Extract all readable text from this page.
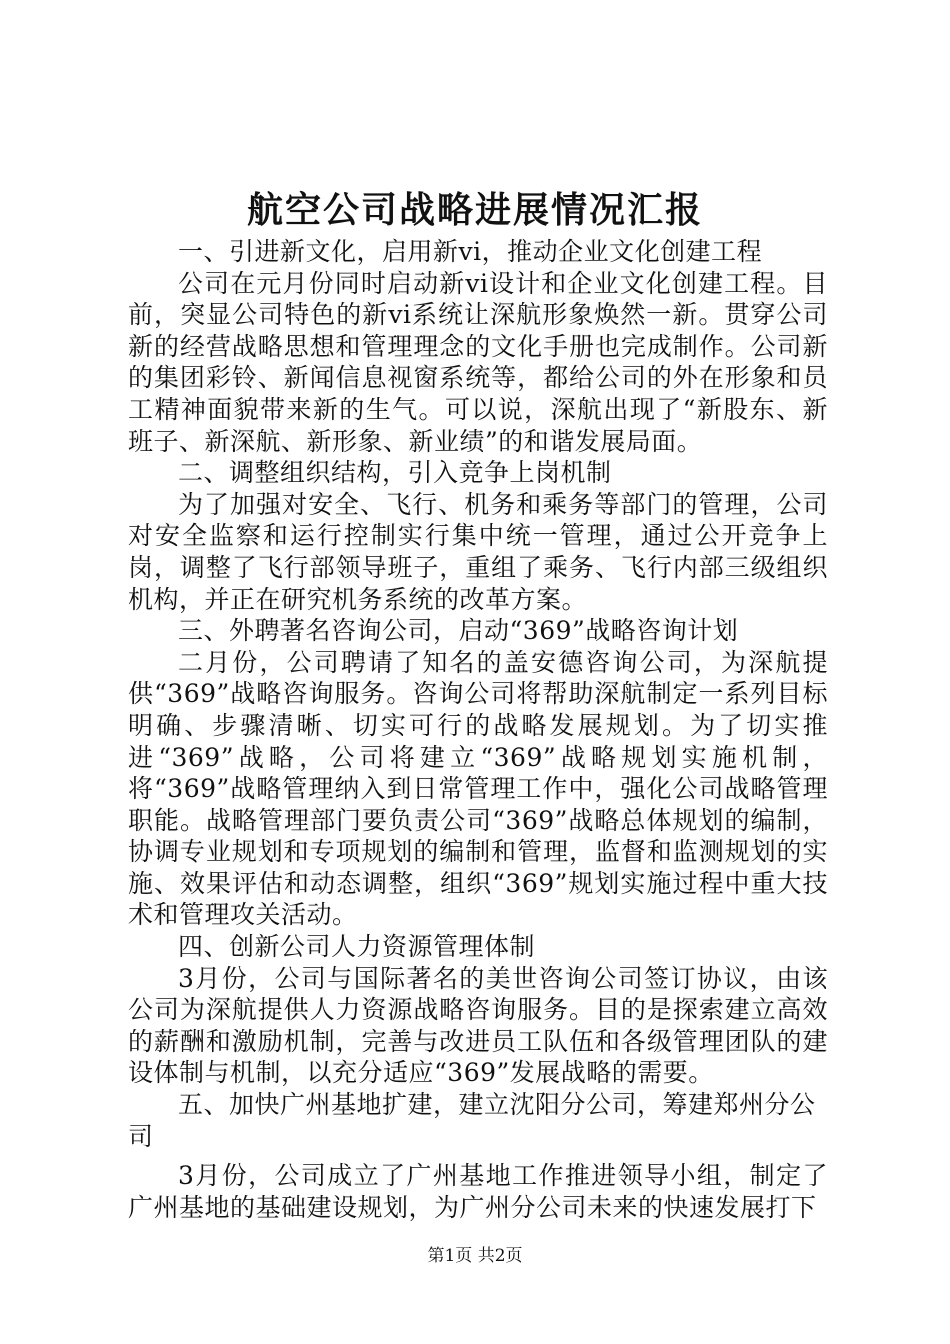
航空公司战略进展情况汇报

一、引进新文化，启用新vi，推动企业文化创建工程

公司在元月份同时启动新vi设计和企业文化创建工程。目前，突显公司特色的新vi系统让深航形象焕然一新。贯穿公司新的经营战略思想和管理理念的文化手册也完成制作。公司新的集团彩铃、新闻信息视窗系统等，都给公司的外在形象和员工精神面貌带来新的生气。可以说，深航出现了“新股东、新班子、新深航、新形象、新业绩”的和谐发展局面。

二、调整组织结构，引入竞争上岗机制

为了加强对安全、飞行、机务和乘务等部门的管理，公司对安全监察和运行控制实行集中统一管理，通过公开竞争上岗，调整了飞行部领导班子，重组了乘务、飞行内部三级组织机构，并正在研究机务系统的改革方案。

三、外聘著名咨询公司，启动“369”战略咨询计划

二月份，公司聘请了知名的盖安德咨询公司，为深航提供“369”战略咨询服务。咨询公司将帮助深航制定一系列目标明确、步骤清晰、切实可行的战略发展规划。为了切实推进“369”战略，公司将建立“369”战略规划实施机制，将“369”战略管理纳入到日常管理工作中，强化公司战略管理职能。战略管理部门要负责公司“369”战略总体规划的编制，协调专业规划和专项规划的编制和管理，监督和监测规划的实施、效果评估和动态调整，组织“369”规划实施过程中重大技术和管理攻关活动。

四、创新公司人力资源管理体制

3月份，公司与国际著名的美世咨询公司签订协议，由该公司为深航提供人力资源战略咨询服务。目的是探索建立高效的薪酬和激励机制，完善与改进员工队伍和各级管理团队的建设体制与机制，以充分适应“369”发展战略的需要。

五、加快广州基地扩建，建立沈阳分公司，筹建郑州分公司

3月份，公司成立了广州基地工作推进领导小组，制定了广州基地的基础建设规划，为广州分公司未来的快速发展打下

第1页 共2页
